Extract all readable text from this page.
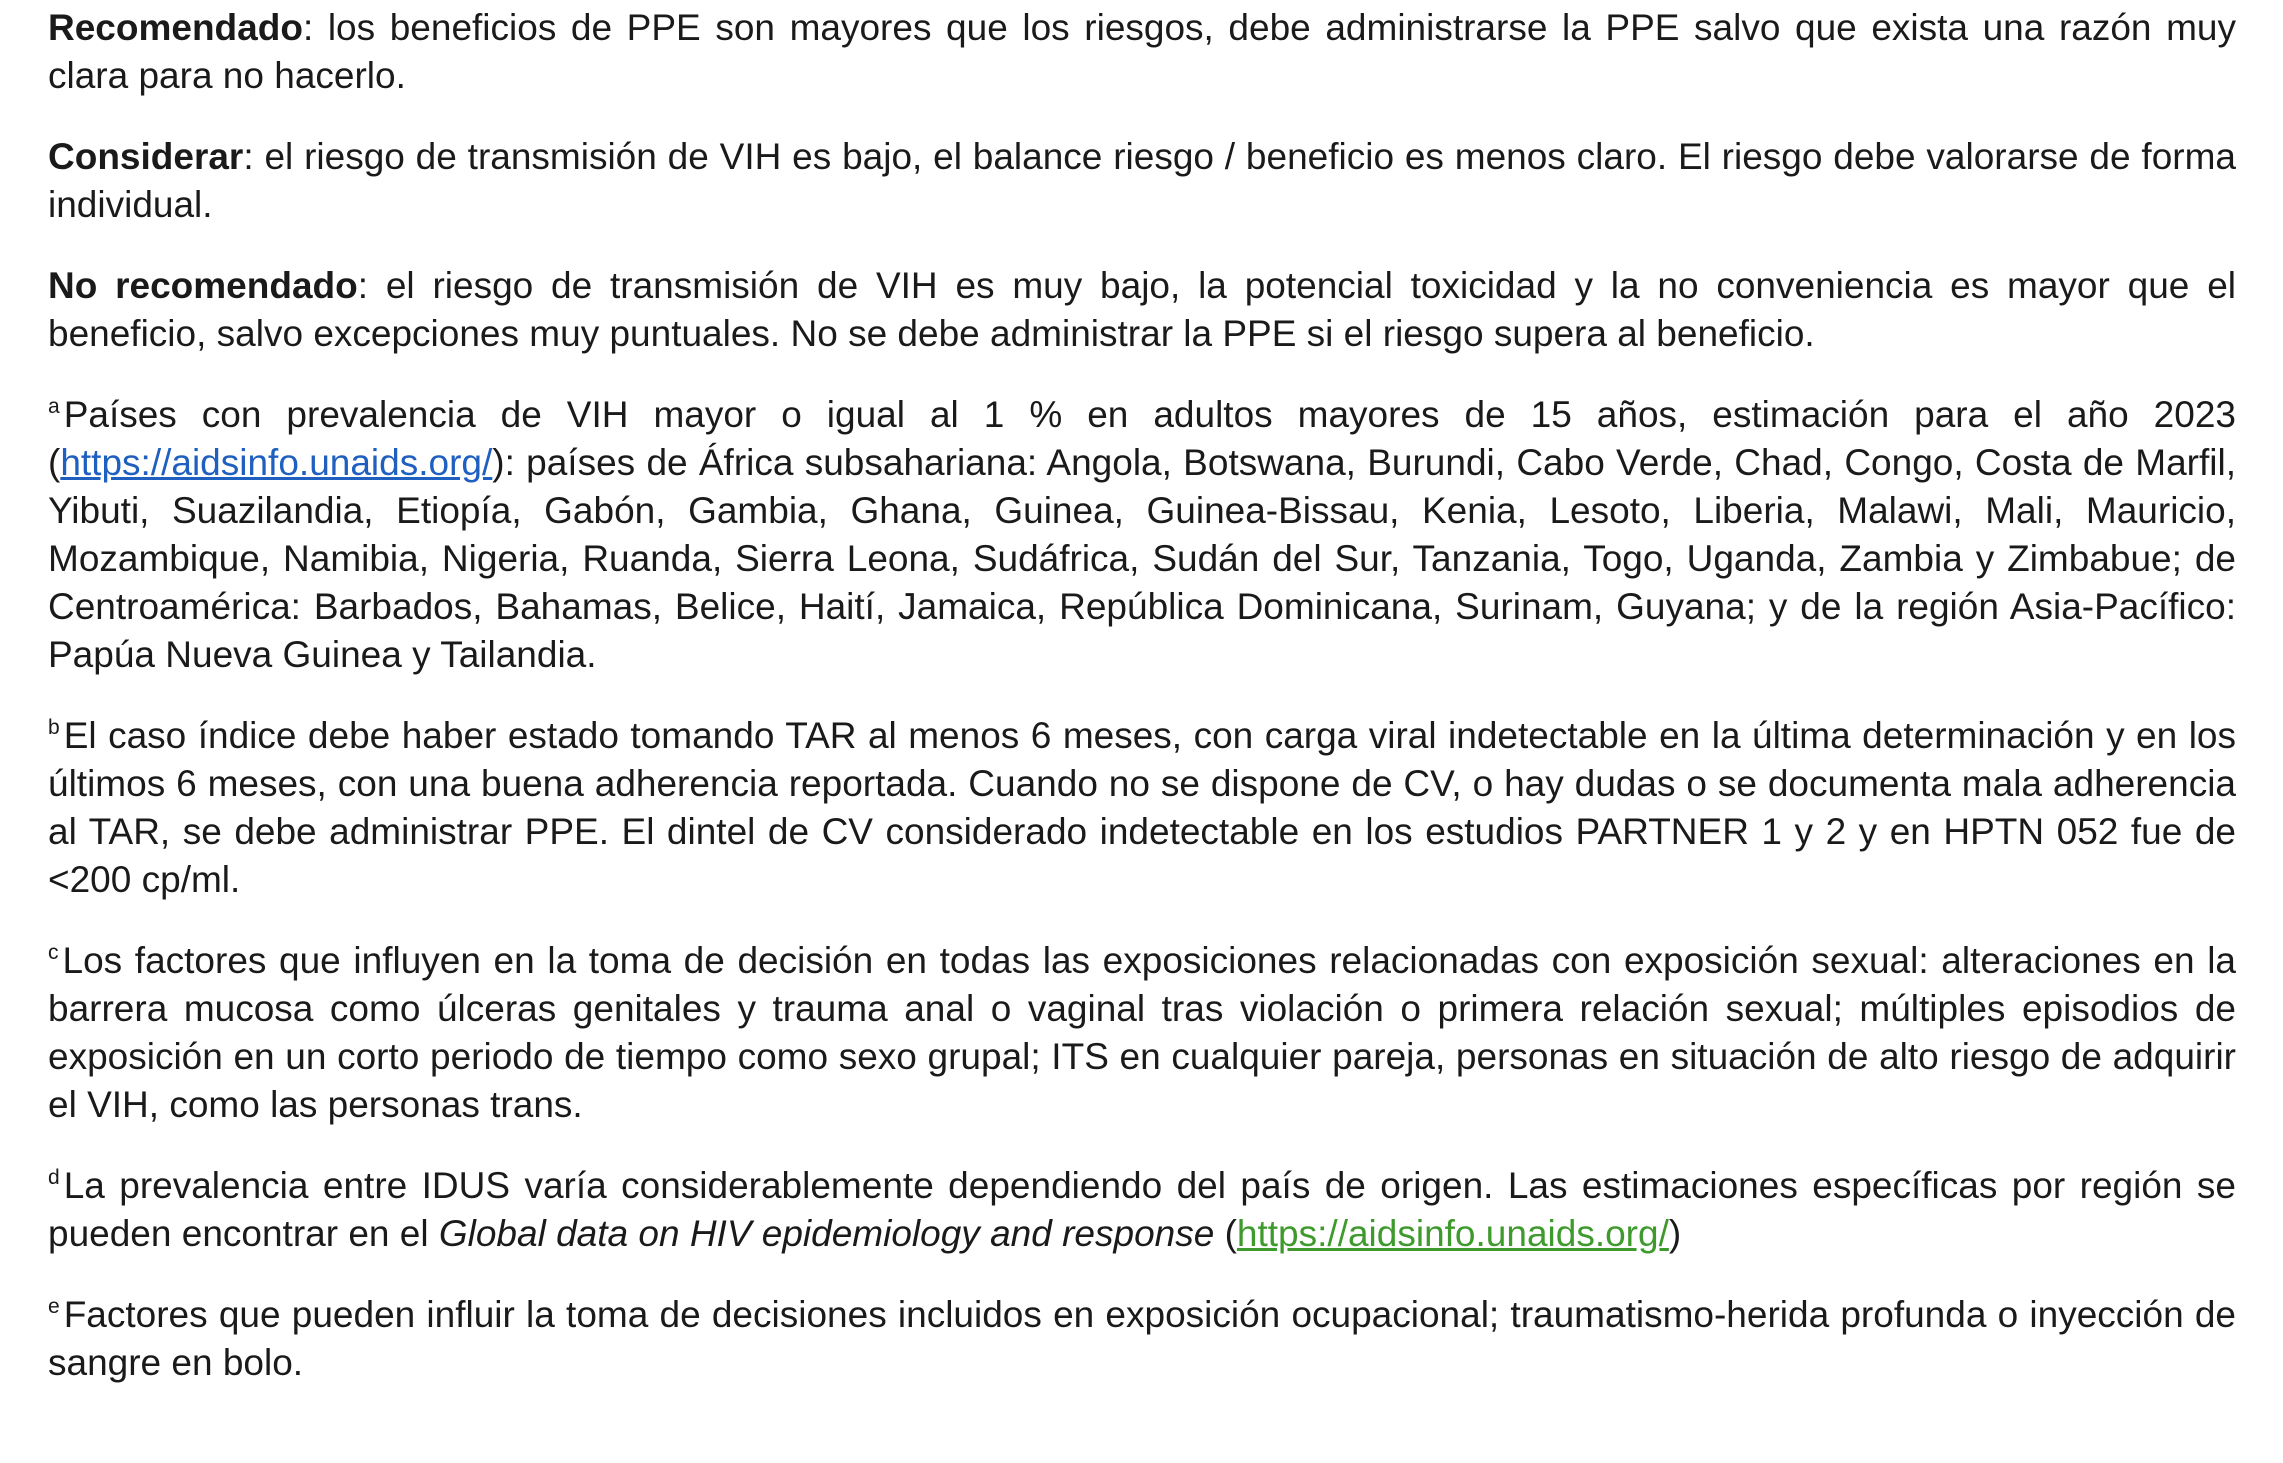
Recomendado: los beneficios de PPE son mayores que los riesgos, debe administrarse la PPE salvo que exista una razón muy clara para no hacerlo.

Considerar: el riesgo de transmisión de VIH es bajo, el balance riesgo / beneficio es menos claro. El riesgo debe valorarse de forma individual.

No recomendado: el riesgo de transmisión de VIH es muy bajo, la potencial toxicidad y la no conveniencia es mayor que el beneficio, salvo excepciones muy puntuales. No se debe administrar la PPE si el riesgo supera al beneficio.

$^a$ Países con prevalencia de VIH mayor o igual al 1 % en adultos mayores de 15 años, estimación para el año 2023 (https://aidsinfo.unaids.org/): países de África subsahariana: Angola, Botswana, Burundi, Cabo Verde, Chad, Congo, Costa de Marfil, Yibuti, Suazilandia, Etiopía, Gabón, Gambia, Ghana, Guinea, Guinea-Bissau, Kenia, Lesoto, Liberia, Malawi, Mali, Mauricio, Mozambique, Namibia, Nigeria, Ruanda, Sierra Leona, Sudáfrica, Sudán del Sur, Tanzania, Togo, Uganda, Zambia y Zimbabue; de Centroamérica: Barbados, Bahamas, Belice, Haití, Jamaica, República Dominicana, Surinam, Guyana; y de la región Asia-Pacífico: Papúa Nueva Guinea y Tailandia.

$^b$ El caso índice debe haber estado tomando TAR al menos 6 meses, con carga viral indetectable en la última determinación y en los últimos 6 meses, con una buena adherencia reportada. Cuando no se dispone de CV, o hay dudas o se documenta mala adherencia al TAR, se debe administrar PPE. El dintel de CV considerado indetectable en los estudios PARTNER 1 y 2 y en HPTN 052 fue de <200 cp/ml.

$^c$ Los factores que influyen en la toma de decisión en todas las exposiciones relacionadas con exposición sexual: alteraciones en la barrera mucosa como úlceras genitales y trauma anal o vaginal tras violación o primera relación sexual; múltiples episodios de exposición en un corto periodo de tiempo como sexo grupal; ITS en cualquier pareja, personas en situación de alto riesgo de adquirir el VIH, como las personas trans.

$^d$ La prevalencia entre IDUS varía considerablemente dependiendo del país de origen. Las estimaciones específicas por región se pueden encontrar en el Global data on HIV epidemiology and response (https://aidsinfo.unaids.org/)

$^e$ Factores que pueden influir la toma de decisiones incluidos en exposición ocupacional; traumatismo-herida profunda o inyección de sangre en bolo.
